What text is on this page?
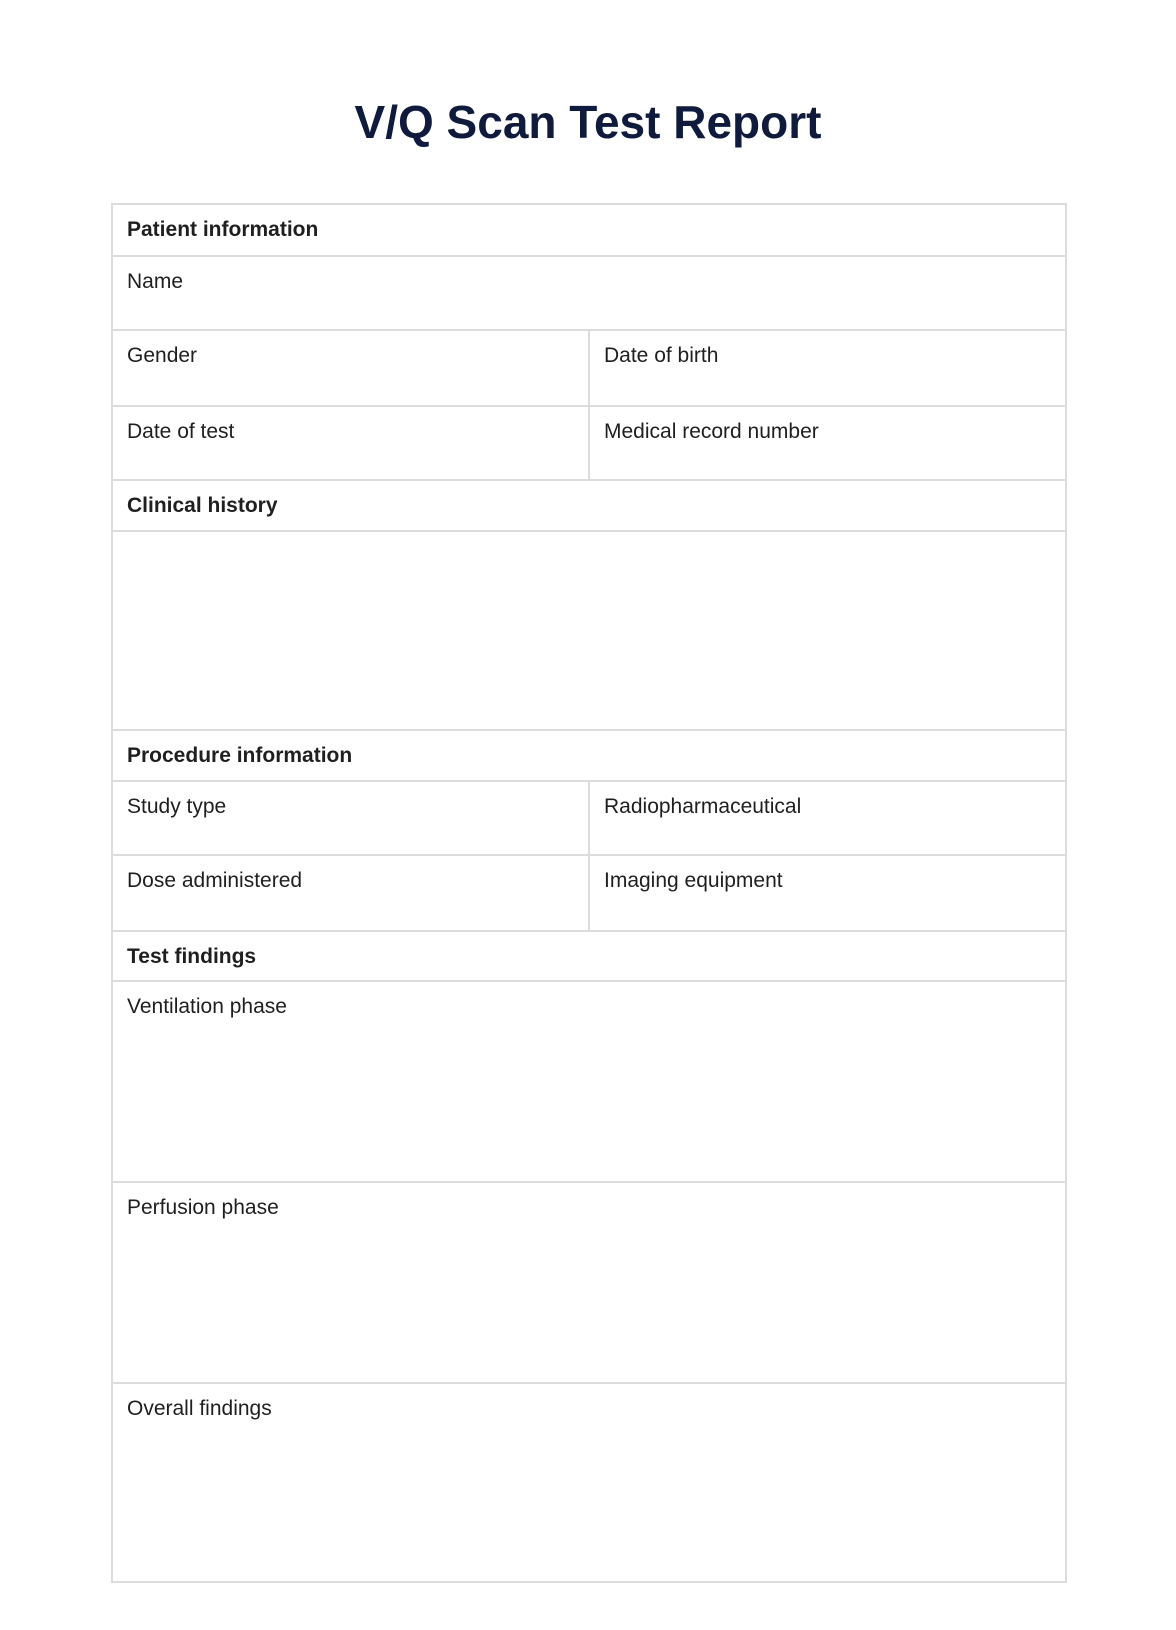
V/Q Scan Test Report
Patient information
Name
Gender	Date of birth
Date of test	Medical record number
Clinical history
Procedure information
Study type	Radiopharmaceutical
Dose administered	Imaging equipment
Test findings
Ventilation phase
Perfusion phase
Overall findings
